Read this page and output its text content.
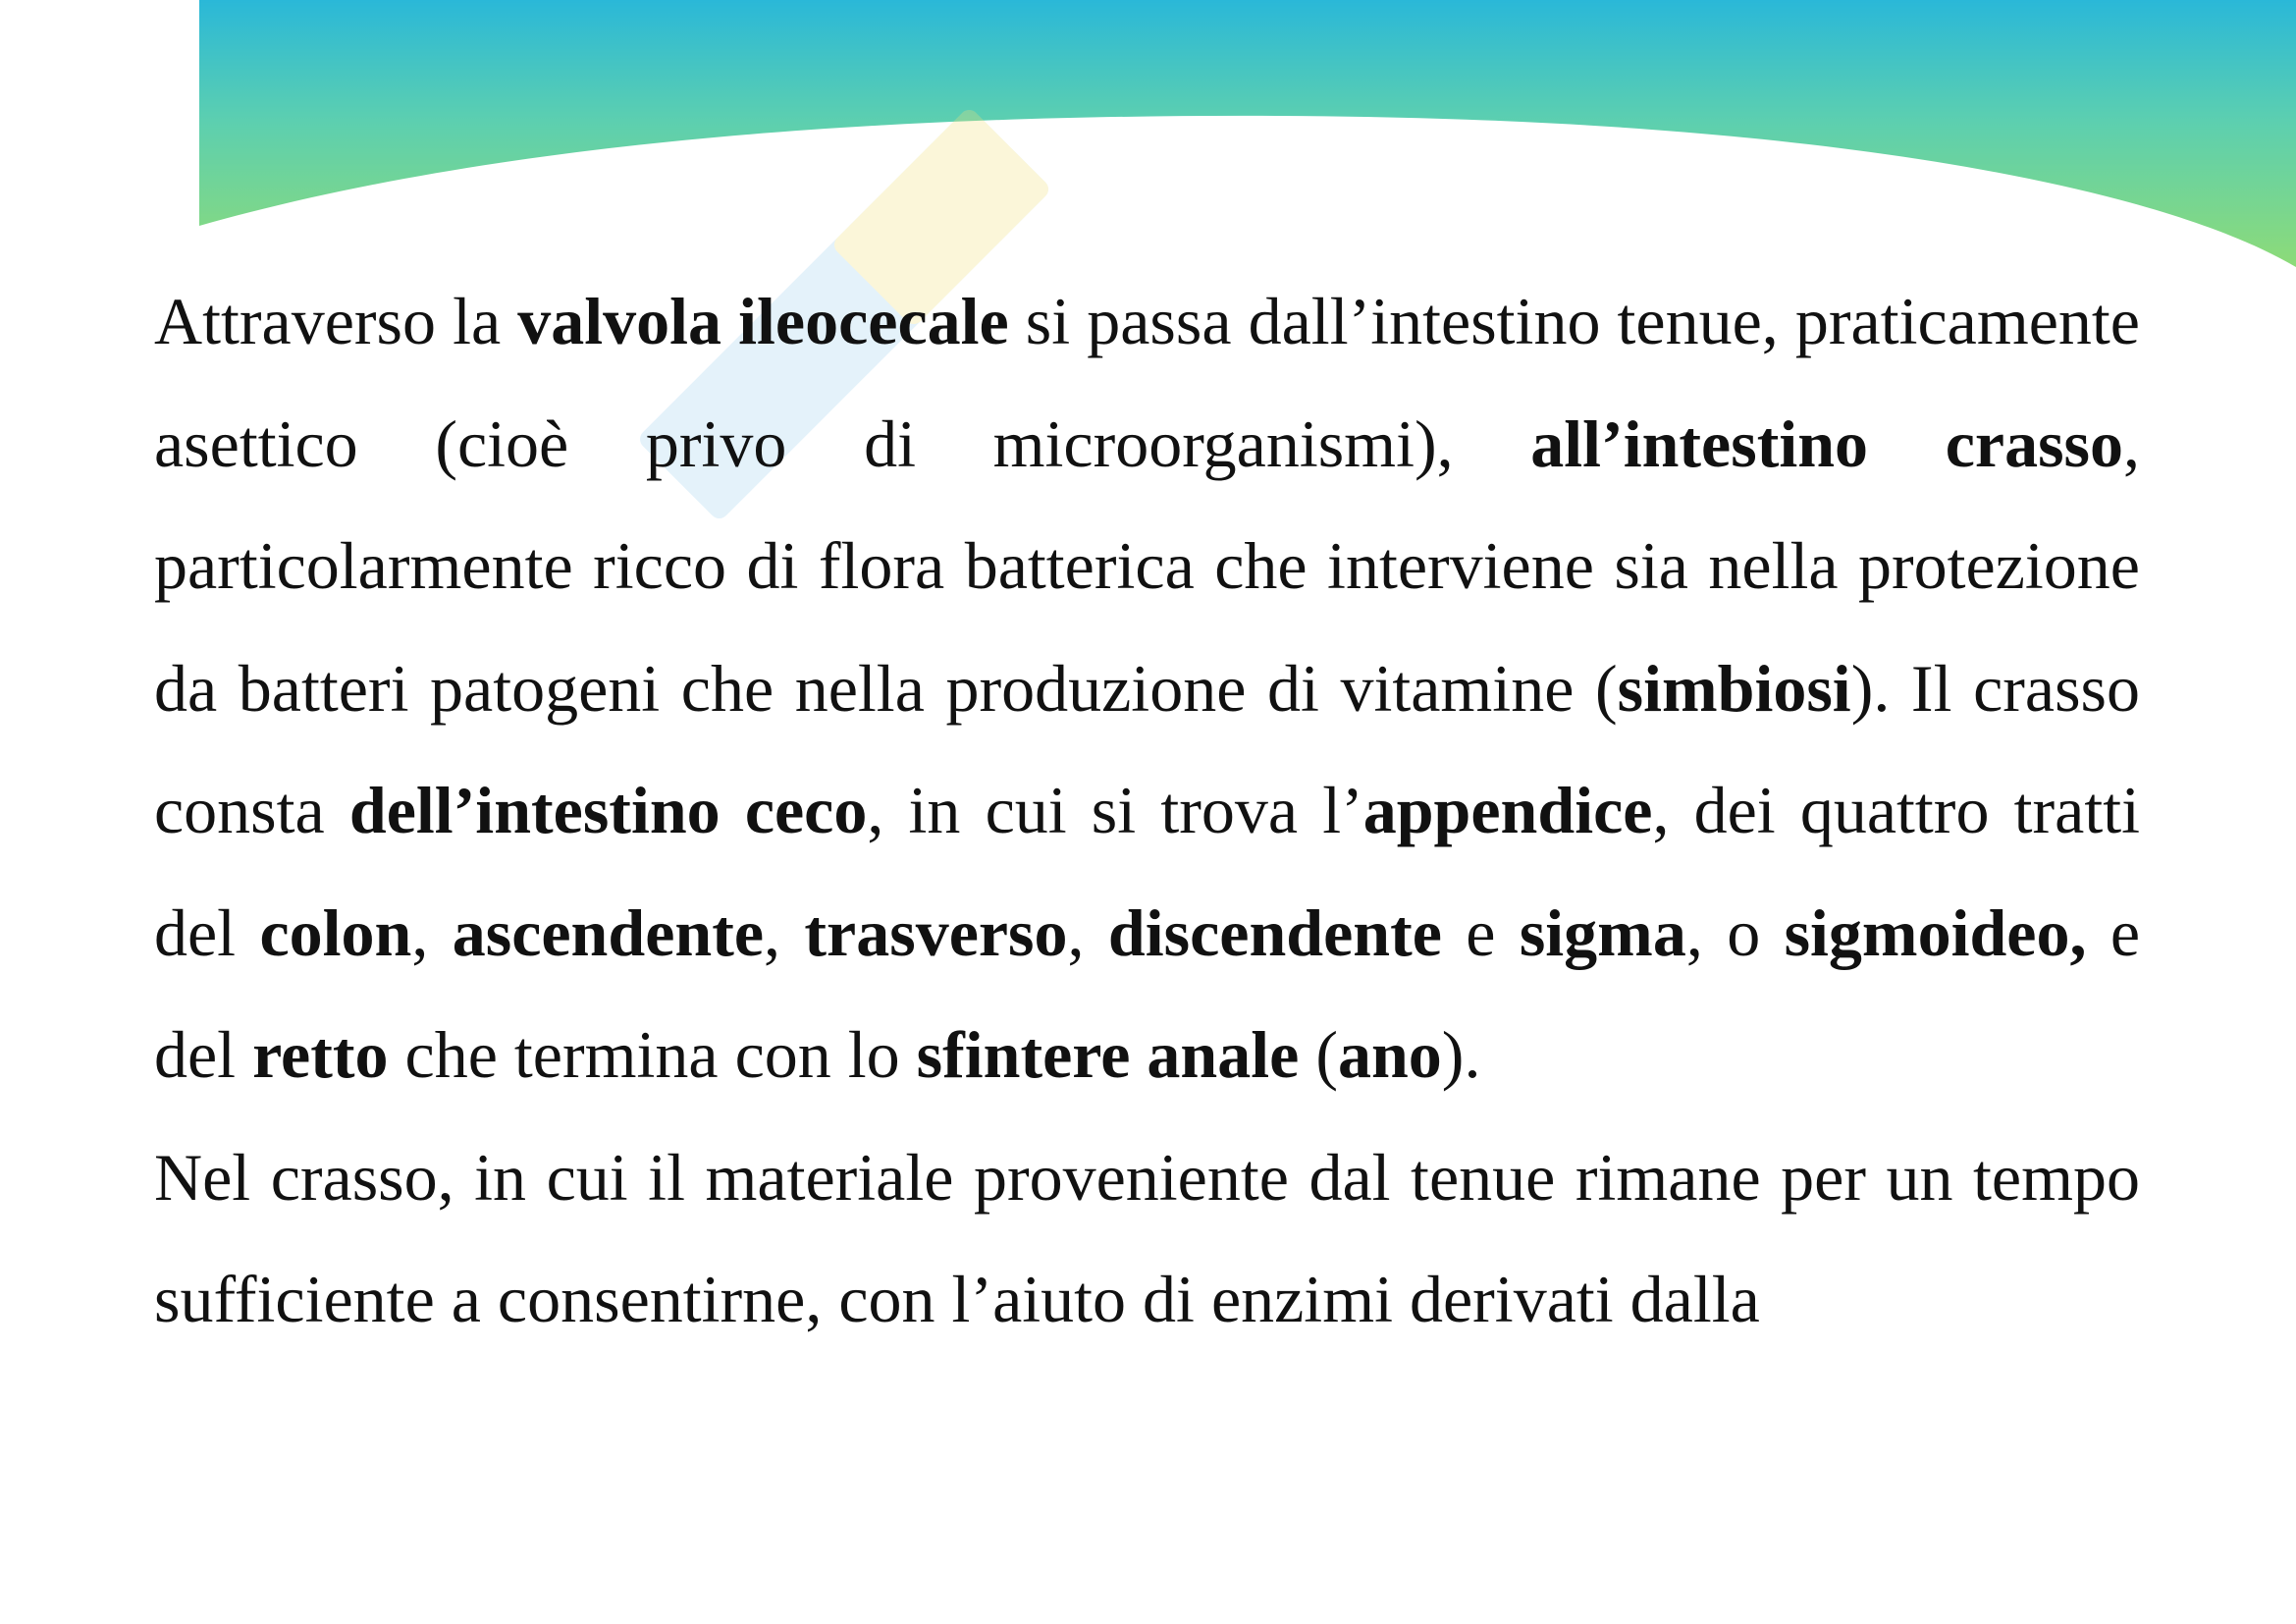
Attraverso la valvola ileocecale si passa dall’intestino tenue, praticamente asettico (cioè privo di microorganismi), all’intestino crasso, particolarmente ricco di flora batterica che interviene sia nella protezione da batteri patogeni che nella produzione di vitamine (simbiosi). Il crasso consta dell’intestino ceco, in cui si trova l’appendice, dei quattro tratti del colon, ascendente, trasverso, discendente e sigma, o sigmoideo, e del retto che termina con lo sfintere anale (ano).

Nel crasso, in cui il materiale proveniente dal tenue rimane per un tempo sufficiente a consentirne, con l’aiuto di enzimi derivati dalla
